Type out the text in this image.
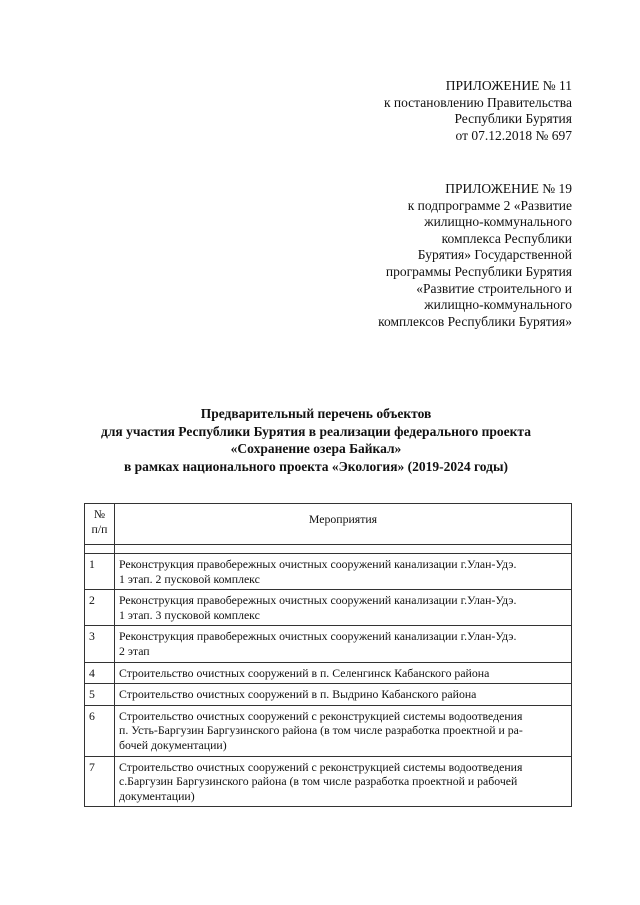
ПРИЛОЖЕНИЕ № 11
к постановлению Правительства
Республики Бурятия
от 07.12.2018 № 697
ПРИЛОЖЕНИЕ № 19
к подпрограмме 2 «Развитие
жилищно-коммунального
комплекса Республики
Бурятия» Государственной
программы Республики Бурятия
«Развитие строительного и
жилищно-коммунального
комплексов Республики Бурятия»
Предварительный перечень объектов
для участия Республики Бурятия в реализации федерального проекта
«Сохранение озера Байкал»
в рамках национального проекта «Экология» (2019-2024 годы)
№
п/п	Мероприятия

1	Реконструкция правобережных очистных сооружений канализации г.Улан-Удэ.
1 этап. 2 пусковой комплекс

2	Реконструкция правобережных очистных сооружений канализации г.Улан-Удэ.
1 этап. 3 пусковой комплекс

3	Реконструкция правобережных очистных сооружений канализации г.Улан-Удэ.
2 этап

4	Строительство очистных сооружений в п. Селенгинск Кабанского района

5	Строительство очистных сооружений в п. Выдрино Кабанского района

6	Строительство очистных сооружений с реконструкцией системы водоотведения
п. Усть-Баргузин Баргузинского района (в том числе разработка проектной и ра-
бочей документации)

7	Строительство очистных сооружений с реконструкцией системы водоотведения
с.Баргузин Баргузинского района (в том числе разработка проектной и рабочей
документации)
